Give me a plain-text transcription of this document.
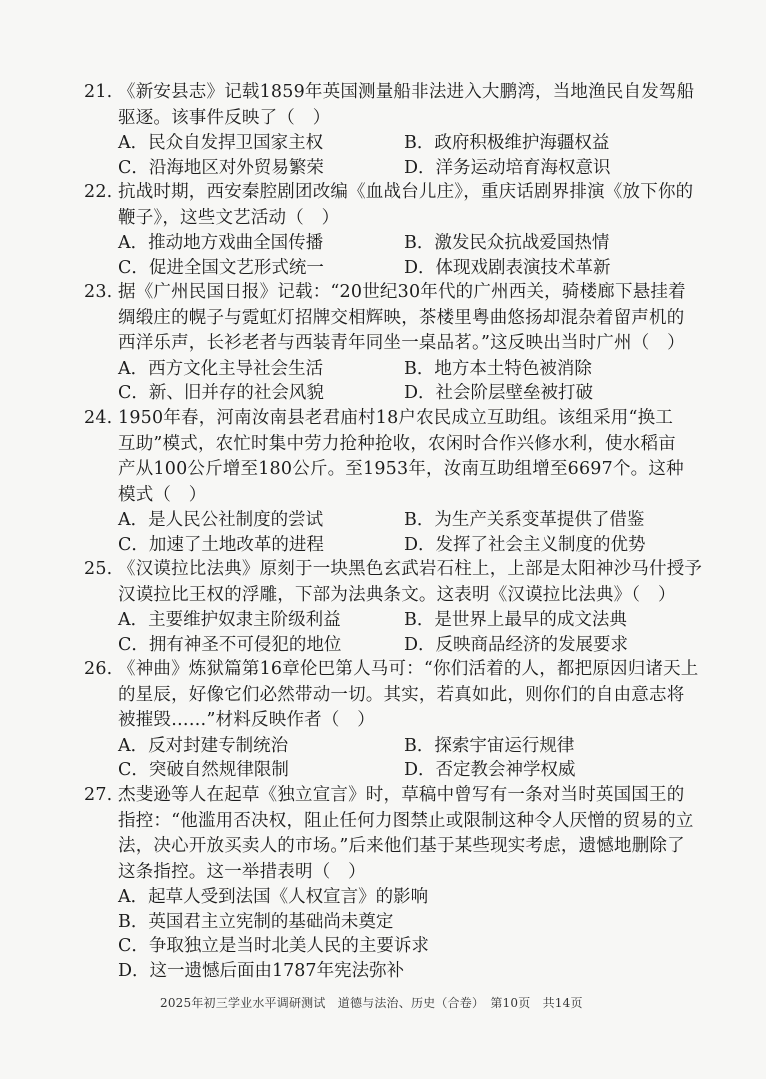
21. 《新安县志》记载1859年英国测量船非法进入大鹏湾，当地渔民自发驾船
驱逐。该事件反映了（　）
A．民众自发捍卫国家主权	B．政府积极维护海疆权益
C．沿海地区对外贸易繁荣	D．洋务运动培育海权意识
22. 抗战时期，西安秦腔剧团改编《血战台儿庄》，重庆话剧界排演《放下你的
鞭子》，这些文艺活动（　）
A．推动地方戏曲全国传播	B．激发民众抗战爱国热情
C．促进全国文艺形式统一	D．体现戏剧表演技术革新
23. 据《广州民国日报》记载：“20世纪30年代的广州西关，骑楼廊下悬挂着
绸缎庄的幌子与霓虹灯招牌交相辉映，茶楼里粤曲悠扬却混杂着留声机的
西洋乐声，长衫老者与西装青年同坐一桌品茗。”这反映出当时广州（　）
A．西方文化主导社会生活	B．地方本土特色被消除
C．新、旧并存的社会风貌	D．社会阶层壁垒被打破
24. 1950年春，河南汝南县老君庙村18户农民成立互助组。该组采用“换工
互助”模式，农忙时集中劳力抢种抢收，农闲时合作兴修水利，使水稻亩
产从100公斤增至180公斤。至1953年，汝南互助组增至6697个。这种
模式（　）
A．是人民公社制度的尝试	B．为生产关系变革提供了借鉴
C．加速了土地改革的进程	D．发挥了社会主义制度的优势
25. 《汉谟拉比法典》原刻于一块黑色玄武岩石柱上，上部是太阳神沙马什授予
汉谟拉比王权的浮雕，下部为法典条文。这表明《汉谟拉比法典》（　）
A．主要维护奴隶主阶级利益	B．是世界上最早的成文法典
C．拥有神圣不可侵犯的地位	D．反映商品经济的发展要求
26. 《神曲》炼狱篇第16章伦巴第人马可：“你们活着的人，都把原因归诸天上
的星辰，好像它们必然带动一切。其实，若真如此，则你们的自由意志将
被摧毁……”材料反映作者（　）
A．反对封建专制统治	B．探索宇宙运行规律
C．突破自然规律限制	D．否定教会神学权威
27. 杰斐逊等人在起草《独立宣言》时，草稿中曾写有一条对当时英国国王的
指控：“他滥用否决权，阻止任何力图禁止或限制这种令人厌憎的贸易的立
法，决心开放买卖人的市场。”后来他们基于某些现实考虑，遗憾地删除了
这条指控。这一举措表明（　）
A．起草人受到法国《人权宣言》的影响
B．英国君主立宪制的基础尚未奠定
C．争取独立是当时北美人民的主要诉求
D．这一遗憾后面由1787年宪法弥补
2025年初三学业水平调研测试　道德与法治、历史（合卷）　第10页　共14页
